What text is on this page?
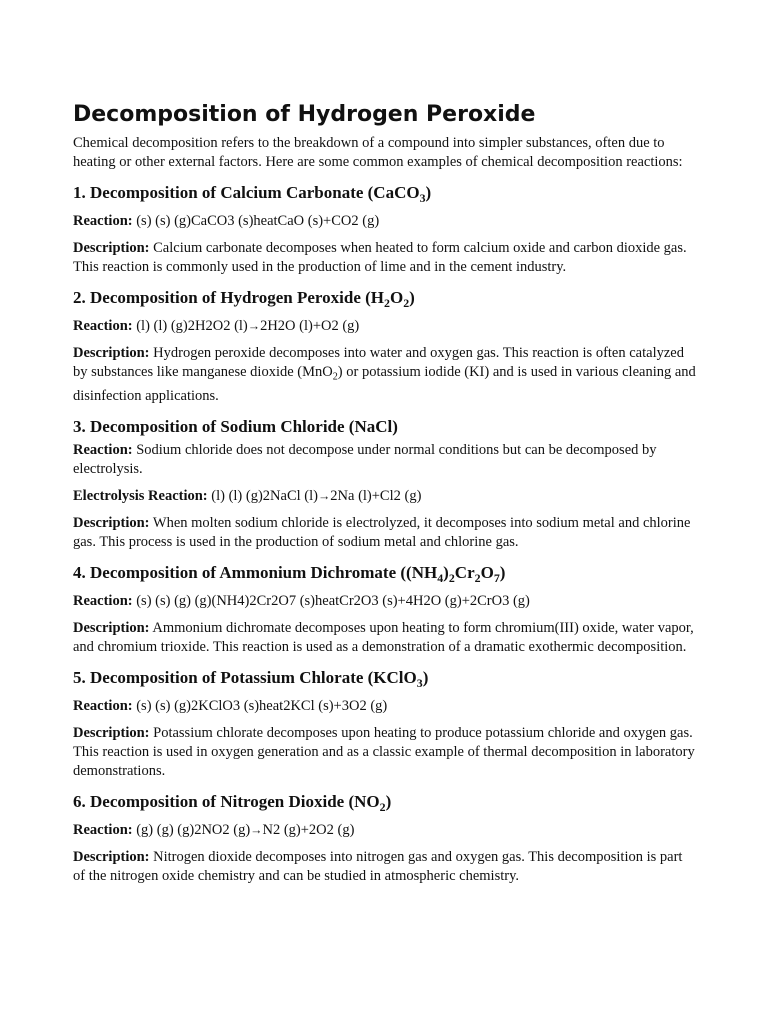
Decomposition of Hydrogen Peroxide

Chemical decomposition refers to the breakdown of a compound into simpler substances, often due to heating or other external factors. Here are some common examples of chemical decomposition reactions:

1. Decomposition of Calcium Carbonate (CaCO$_3$)

Reaction: (s) (s) (g)CaCO3 (s)heatCaO (s)+CO2 (g)

Description: Calcium carbonate decomposes when heated to form calcium oxide and carbon dioxide gas. This reaction is commonly used in the production of lime and in the cement industry.

2. Decomposition of Hydrogen Peroxide $(H_2O_2)$

Reaction: (l) (l) (g)2H2O2 (l)→2H2O (l)+O2 (g)

Description: Hydrogen peroxide decomposes into water and oxygen gas. This reaction is often catalyzed by substances like manganese dioxide (MnO$_2$) or potassium iodide (KI) and is used in various cleaning and disinfection applications.

3. Decomposition of Sodium Chloride (NaCl)

Reaction: Sodium chloride does not decompose under normal conditions but can be decomposed by electrolysis.

Electrolysis Reaction: (l) (l) (g)2NaCl (l)→2Na (l)+Cl2 (g)

Description: When molten sodium chloride is electrolyzed, it decomposes into sodium metal and chlorine gas. This process is used in the production of sodium metal and chlorine gas.

4. Decomposition of Ammonium Dichromate $((NH_4)_2Cr_2O_7)$

Reaction: (s) (s) (g) (g)(NH4)2Cr2O7 (s)heatCr2O3 (s)+4H2O (g)+2CrO3 (g)

Description: Ammonium dichromate decomposes upon heating to form chromium(III) oxide, water vapor, and chromium trioxide. This reaction is used as a demonstration of a dramatic exothermic decomposition.

5. Decomposition of Potassium Chlorate (KClO$_3$)

Reaction: (s) (s) (g)2KClO3 (s)heat2KCl (s)+3O2 (g)

Description: Potassium chlorate decomposes upon heating to produce potassium chloride and oxygen gas. This reaction is used in oxygen generation and as a classic example of thermal decomposition in laboratory demonstrations.

6. Decomposition of Nitrogen Dioxide $(NO_2)$

Reaction: (g) (g) (g)2NO2 (g)→N2 (g)+2O2 (g)

Description: Nitrogen dioxide decomposes into nitrogen gas and oxygen gas. This decomposition is part of the nitrogen oxide chemistry and can be studied in atmospheric chemistry.
